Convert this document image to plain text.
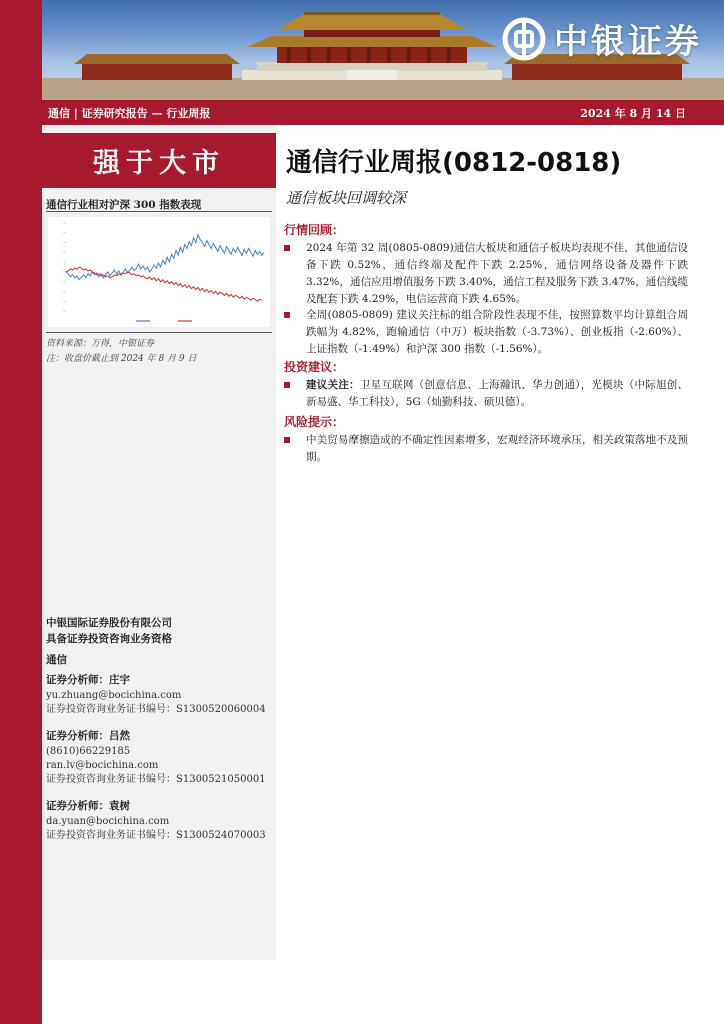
中银证券
通信 | 证券研究报告 — 行业周报	2024 年 8 月 14 日
强于大市
通信行业相对沪深 300 指数表现
资料来源：万得，中银证券
注：收盘价截止到 2024 年 8 月 9 日
中银国际证券股份有限公司
具备证券投资咨询业务资格
通信
证券分析师：庄宇
yu.zhuang@bocichina.com
证券投资咨询业务证书编号：S1300520060004
证券分析师：吕然
(8610)66229185
ran.lv@bocichina.com
证券投资咨询业务证书编号：S1300521050001
证券分析师：袁树
da.yuan@bocichina.com
证券投资咨询业务证书编号：S1300524070003
通信行业周报(0812-0818)
通信板块回调较深
行情回顾：
2024 年第 32 周(0805-0809)通信大板块和通信子板块均表现不佳，其他通信设备下跌 0.52%，通信终端及配件下跌 2.25%，通信网络设备及器件下跌 3.32%，通信应用增值服务下跌 3.40%，通信工程及服务下跌 3.47%，通信线缆及配套下跌 4.29%，电信运营商下跌 4.65%。
全周(0805-0809) 建议关注标的组合阶段性表现不佳，按照算数平均计算组合周跌幅为 4.82%，跑输通信（中万）板块指数（-3.73%）、创业板指（-2.60%）、上证指数（-1.49%）和沪深 300 指数（-1.56%）。
投资建议：
建议关注：卫星互联网（创意信息、上海瀚讯、华力创通），光模块（中际旭创、新易盛、华工科技），5G（灿勤科技、硕贝德）。
风险提示：
中美贸易摩擦造成的不确定性因素增多，宏观经济环境承压，相关政策落地不及预期。
